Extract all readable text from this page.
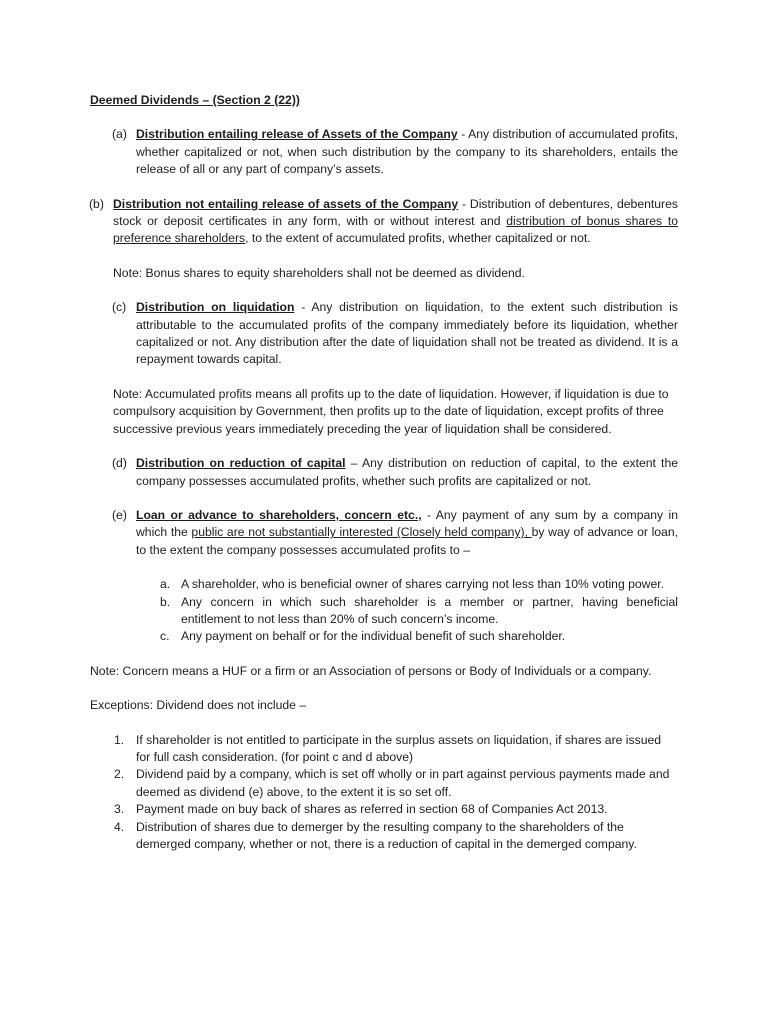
Deemed Dividends – (Section 2 (22))

(a) Distribution entailing release of Assets of the Company - Any distribution of accumulated profits, whether capitalized or not, when such distribution by the company to its shareholders, entails the release of all or any part of company’s assets.
(b) Distribution not entailing release of assets of the Company - Distribution of debentures, debentures stock or deposit certificates in any form, with or without interest and distribution of bonus shares to preference shareholders, to the extent of accumulated profits, whether capitalized or not.

Note: Bonus shares to equity shareholders shall not be deemed as dividend.

(c) Distribution on liquidation - Any distribution on liquidation, to the extent such distribution is attributable to the accumulated profits of the company immediately before its liquidation, whether capitalized or not. Any distribution after the date of liquidation shall not be treated as dividend. It is a repayment towards capital.

Note: Accumulated profits means all profits up to the date of liquidation. However, if liquidation is due to compulsory acquisition by Government, then profits up to the date of liquidation, except profits of three successive previous years immediately preceding the year of liquidation shall be considered.

(d) Distribution on reduction of capital – Any distribution on reduction of capital, to the extent the company possesses accumulated profits, whether such profits are capitalized or not.
(e) Loan or advance to shareholders, concern etc., - Any payment of any sum by a company in which the public are not substantially interested (Closely held company), by way of advance or loan, to the extent the company possesses accumulated profits to –
a. A shareholder, who is beneficial owner of shares carrying not less than 10% voting power.
b. Any concern in which such shareholder is a member or partner, having beneficial entitlement to not less than 20% of such concern’s income.
c. Any payment on behalf or for the individual benefit of such shareholder.

Note: Concern means a HUF or a firm or an Association of persons or Body of Individuals or a company.

Exceptions: Dividend does not include –

1. If shareholder is not entitled to participate in the surplus assets on liquidation, if shares are issued for full cash consideration. (for point c and d above)
2. Dividend paid by a company, which is set off wholly or in part against pervious payments made and deemed as dividend (e) above, to the extent it is so set off.
3. Payment made on buy back of shares as referred in section 68 of Companies Act 2013.
4. Distribution of shares due to demerger by the resulting company to the shareholders of the demerged company, whether or not, there is a reduction of capital in the demerged company.
